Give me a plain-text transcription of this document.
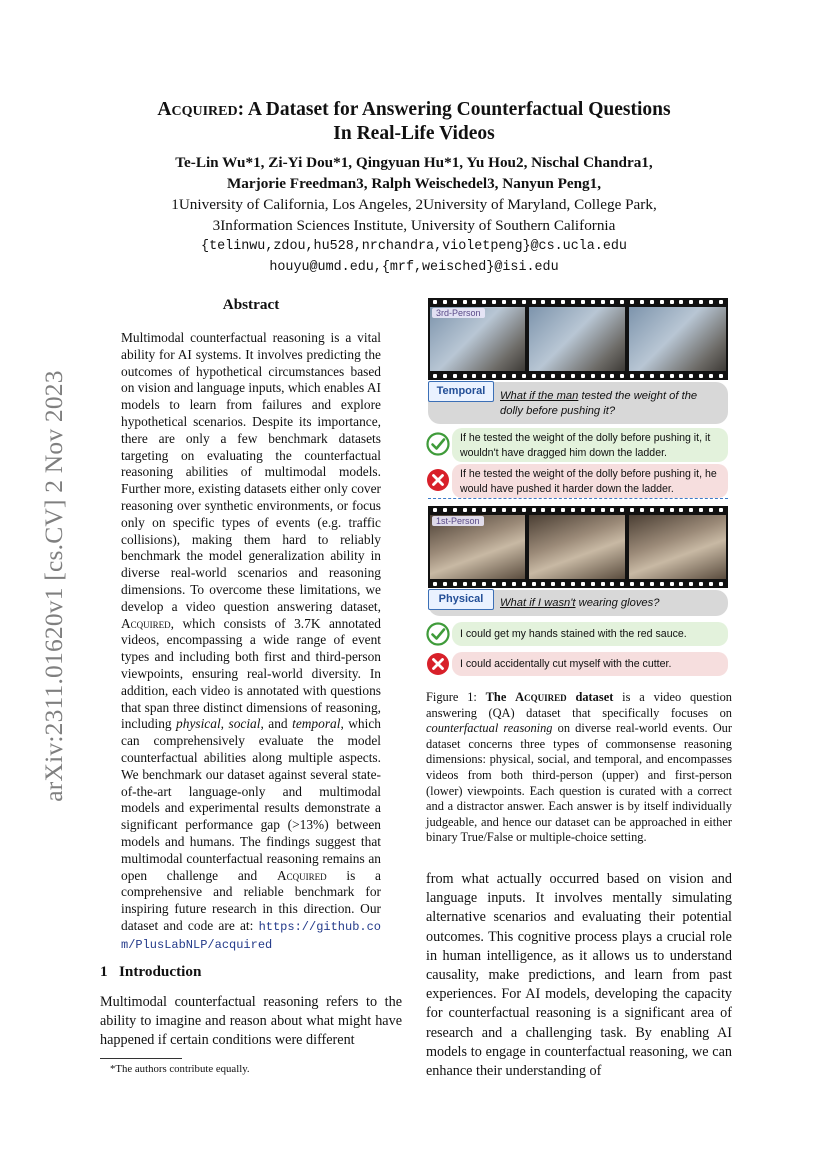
Acquired: A Dataset for Answering Counterfactual Questions
In Real-Life Videos
Te-Lin Wu*1, Zi-Yi Dou*1, Qingyuan Hu*1, Yu Hou2, Nischal Chandra1,
Marjorie Freedman3, Ralph Weischedel3, Nanyun Peng1,
1University of California, Los Angeles, 2University of Maryland, College Park,
3Information Sciences Institute, University of Southern California
{telinwu,zdou,hu528,nrchandra,violetpeng}@cs.ucla.edu
houyu@umd.edu,{mrf,weisched}@isi.edu
arXiv:2311.01620v1 [cs.CV] 2 Nov 2023
Abstract
Multimodal counterfactual reasoning is a vital ability for AI systems. It involves predicting the outcomes of hypothetical circumstances based on vision and language inputs, which enables AI models to learn from failures and explore hypothetical scenarios. Despite its importance, there are only a few benchmark datasets targeting on evaluating the counterfactual reasoning abilities of multimodal models. Further more, existing datasets either only cover reasoning over synthetic environments, or focus only on specific types of events (e.g. traffic collisions), making them hard to reliably benchmark the model generalization ability in diverse real-world scenarios and reasoning dimensions. To overcome these limitations, we develop a video question answering dataset, Acquired, which consists of 3.7K annotated videos, encompassing a wide range of event types and including both first and third-person viewpoints, ensuring real-world diversity. In addition, each video is annotated with questions that span three distinct dimensions of reasoning, including physical, social, and temporal, which can comprehensively evaluate the model counterfactual abilities along multiple aspects. We benchmark our dataset against several state-of-the-art language-only and multimodal models and experimental results demonstrate a significant performance gap (>13%) between models and humans. The findings suggest that multimodal counterfactual reasoning remains an open challenge and Acquired is a comprehensive and reliable benchmark for inspiring future research in this direction. Our dataset and code are at: https://github.com/PlusLabNLP/acquired
1 Introduction
Multimodal counterfactual reasoning refers to the ability to imagine and reason about what might have happened if certain conditions were different
*The authors contribute equally.
3rd-Person
What if the man tested the weight of the dolly before pushing it?
Temporal
If he tested the weight of the dolly before pushing it, it wouldn't have dragged him down the ladder.
If he tested the weight of the dolly before pushing it, he would have pushed it harder down the ladder.
1st-Person
What if I wasn't wearing gloves?
Physical
I could get my hands stained with the red sauce.
I could accidentally cut myself with the cutter.
Figure 1: The Acquired dataset is a video question answering (QA) dataset that specifically focuses on counterfactual reasoning on diverse real-world events. Our dataset concerns three types of commonsense reasoning dimensions: physical, social, and temporal, and encompasses videos from both third-person (upper) and first-person (lower) viewpoints. Each question is curated with a correct and a distractor answer. Each answer is by itself individually judgeable, and hence our dataset can be approached in either binary True/False or multiple-choice setting.
from what actually occurred based on vision and language inputs. It involves mentally simulating alternative scenarios and evaluating their potential outcomes. This cognitive process plays a crucial role in human intelligence, as it allows us to understand causality, make predictions, and learn from past experiences. For AI models, developing the capacity for counterfactual reasoning is a significant area of research and a challenging task. By enabling AI models to engage in counterfactual reasoning, we can enhance their understanding of
